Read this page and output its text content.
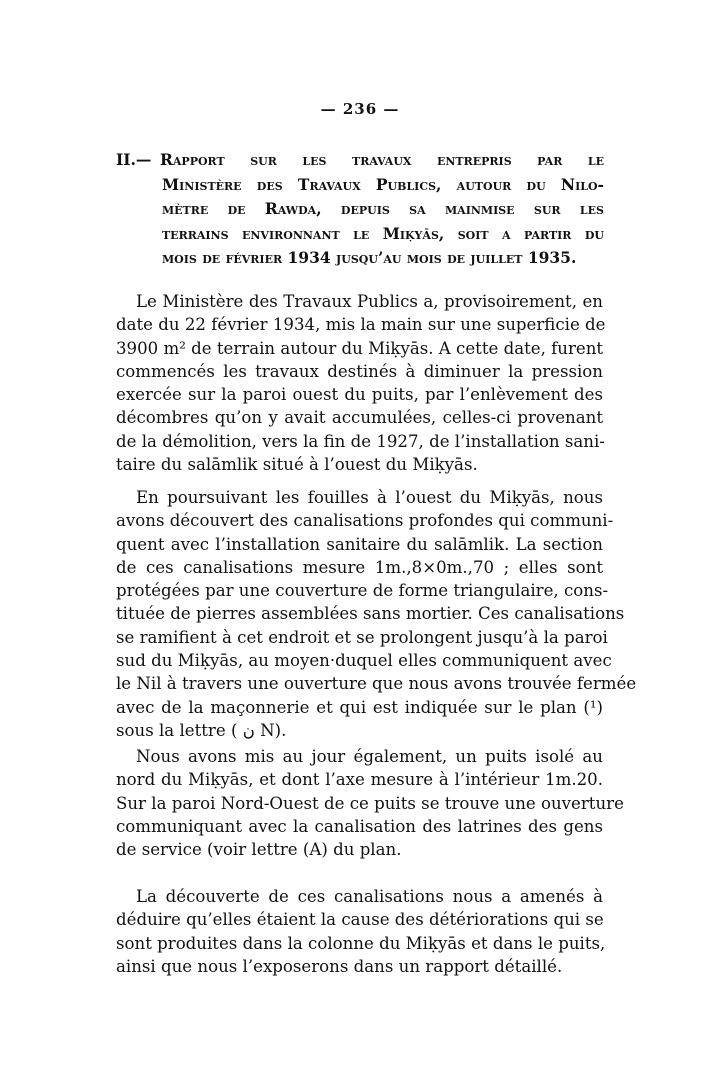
— 236 —
II.— Rapport sur les travaux entrepris par le
Ministère des Travaux Publics, autour du Nilo-
mètre de Rawda, depuis sa mainmise sur les
terrains environnant le Miḳyās, soit a partir du
mois de février 1934 jusqu’au mois de juillet 1935.
Le Ministère des Travaux Publics a, provisoirement, en
date du 22 février 1934, mis la main sur une superficie de
3900 m² de terrain autour du Miḳyās. A cette date, furent
commencés les travaux destinés à diminuer la pression
exercée sur la paroi ouest du puits, par l’enlèvement des
décombres qu’on y avait accumulées, celles-ci provenant
de la démolition, vers la fin de 1927, de l’installation sani-
taire du salāmlik situé à l’ouest du Miḳyās.
En poursuivant les fouilles à l’ouest du Miḳyās, nous
avons découvert des canalisations profondes qui communi-
quent avec l’installation sanitaire du salāmlik. La section
de ces canalisations mesure 1m.,8×0m.,70 ; elles sont
protégées par une couverture de forme triangulaire, cons-
tituée de pierres assemblées sans mortier. Ces canalisations
se ramifient à cet endroit et se prolongent jusqu’à la paroi
sud du Miḳyās, au moyen·duquel elles communiquent avec
le Nil à travers une ouverture que nous avons trouvée fermée
avec de la maçonnerie et qui est indiquée sur le plan (¹)
sous la lettre ( ن N).
Nous avons mis au jour également, un puits isolé au
nord du Miḳyās, et dont l’axe mesure à l’intérieur 1m.20.
Sur la paroi Nord-Ouest de ce puits se trouve une ouverture
communiquant avec la canalisation des latrines des gens
de service (voir lettre (A) du plan.
La découverte de ces canalisations nous a amenés à
déduire qu’elles étaient la cause des détériorations qui se
sont produites dans la colonne du Miḳyās et dans le puits,
ainsi que nous l’exposerons dans un rapport détaillé.
